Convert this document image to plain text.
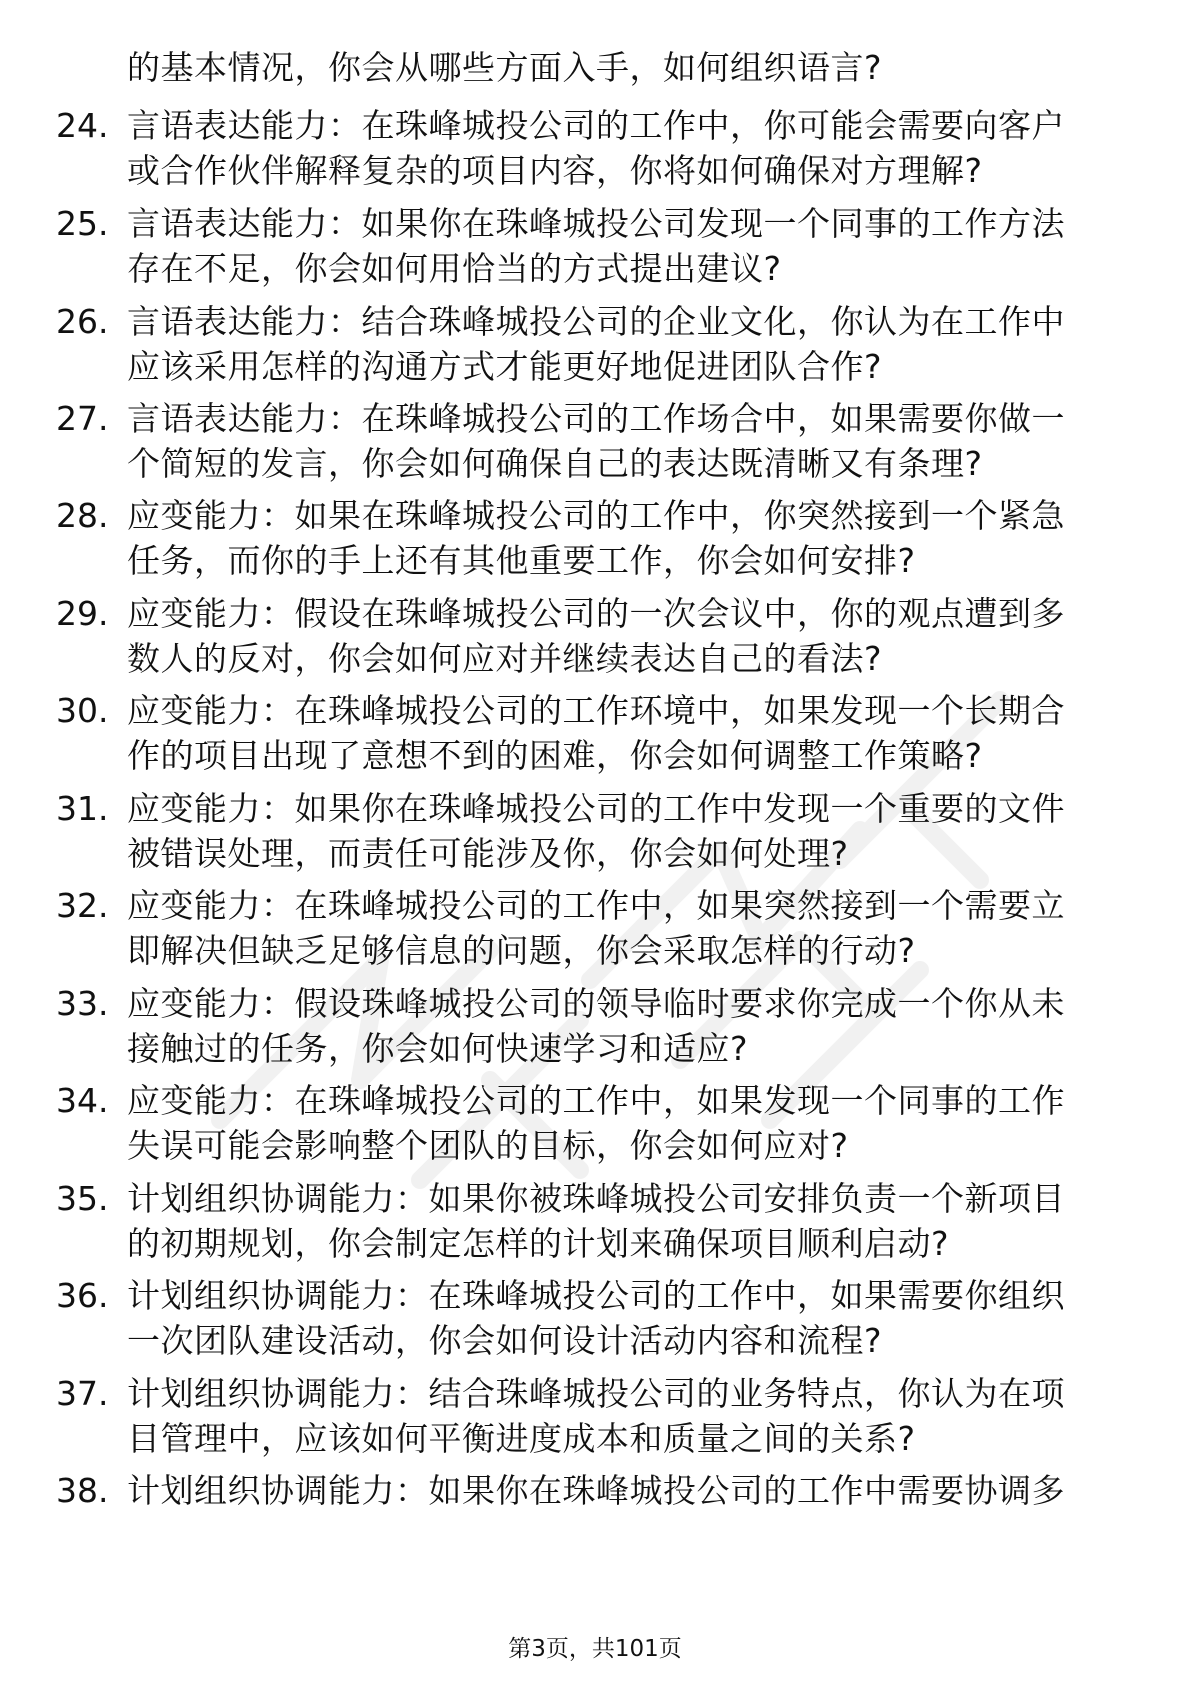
的基本情况，你会从哪些方面入手，如何组织语言?
24. 言语表达能力：在珠峰城投公司的工作中，你可能会需要向客户
或合作伙伴解释复杂的项目内容，你将如何确保对方理解?
25. 言语表达能力：如果你在珠峰城投公司发现一个同事的工作方法
存在不足，你会如何用恰当的方式提出建议?
26. 言语表达能力：结合珠峰城投公司的企业文化，你认为在工作中
应该采用怎样的沟通方式才能更好地促进团队合作?
27. 言语表达能力：在珠峰城投公司的工作场合中，如果需要你做一
个简短的发言，你会如何确保自己的表达既清晰又有条理?
28. 应变能力：如果在珠峰城投公司的工作中，你突然接到一个紧急
任务，而你的手上还有其他重要工作，你会如何安排?
29. 应变能力：假设在珠峰城投公司的一次会议中，你的观点遭到多
数人的反对，你会如何应对并继续表达自己的看法?
30. 应变能力：在珠峰城投公司的工作环境中，如果发现一个长期合
作的项目出现了意想不到的困难，你会如何调整工作策略?
31. 应变能力：如果你在珠峰城投公司的工作中发现一个重要的文件
被错误处理，而责任可能涉及你，你会如何处理?
32. 应变能力：在珠峰城投公司的工作中，如果突然接到一个需要立
即解决但缺乏足够信息的问题，你会采取怎样的行动?
33. 应变能力：假设珠峰城投公司的领导临时要求你完成一个你从未
接触过的任务，你会如何快速学习和适应?
34. 应变能力：在珠峰城投公司的工作中，如果发现一个同事的工作
失误可能会影响整个团队的目标，你会如何应对?
35. 计划组织协调能力：如果你被珠峰城投公司安排负责一个新项目
的初期规划，你会制定怎样的计划来确保项目顺利启动?
36. 计划组织协调能力：在珠峰城投公司的工作中，如果需要你组织
一次团队建设活动，你会如何设计活动内容和流程?
37. 计划组织协调能力：结合珠峰城投公司的业务特点，你认为在项
目管理中，应该如何平衡进度成本和质量之间的关系?
38. 计划组织协调能力：如果你在珠峰城投公司的工作中需要协调多
第3页，共101页
